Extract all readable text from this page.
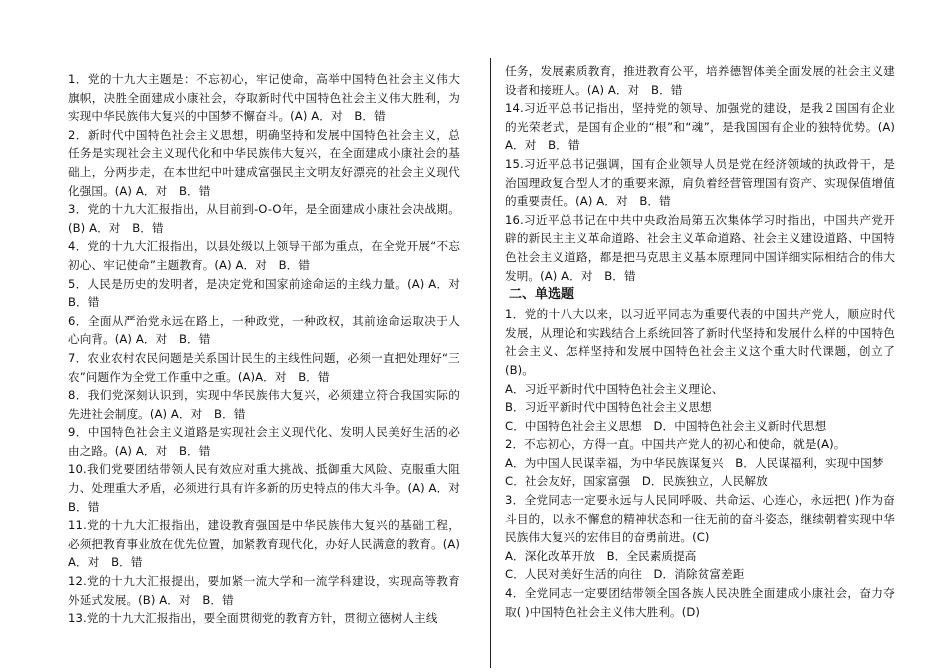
1．党的十九大主题是：不忘初心，牢记使命，高举中国特色社会主义伟大旗帜，决胜全面建成小康社会，夺取新时代中国特色社会主义伟大胜利，为实现中华民族伟大复兴的中国梦不懈奋斗。(A) A．对　B．错

2．新时代中国特色社会主义思想，明确坚持和发展中国特色社会主义，总任务是实现社会主义现代化和中华民族伟大复兴，在全面建成小康社会的基础上，分两步走，在本世纪中叶建成富强民主文明友好漂亮的社会主义现代化强国。(A) A．对　B．错

3．党的十九大汇报指出，从目前到-O-O年，是全面建成小康社会决战期。(B) A．对　B．错

4．党的十九大汇报指出，以县处级以上领导干部为重点，在全党开展“不忘初心、牢记使命”主题教育。(A) A．对　B．错

5．人民是历史的发明者，是决定党和国家前途命运的主线力量。(A) A．对 B．错

6．全面从严治党永远在路上，一种政党，一种政权，其前途命运取决于人心向背。(A) A．对　B．错

7．农业农村农民问题是关系国计民生的主线性问题，必须一直把处理好“三农”问题作为全党工作重中之重。(A)A．对　B．错

8．我们党深刻认识到，实现中华民族伟大复兴，必须建立符合我国实际的先进社会制度。(A) A．对　B．错

9．中国特色社会主义道路是实现社会主义现代化、发明人民美好生活的必由之路。(A) A．对　B．错

10.我们党要团结带领人民有效应对重大挑战、抵御重大风险、克服重大阻力、处理重大矛盾，必须进行具有许多新的历史特点的伟大斗争。(A) A．对　B．错

11.党的十九大汇报指出，建设教育强国是中华民族伟大复兴的基础工程，必须把教育事业放在优先位置，加紧教育现代化，办好人民满意的教育。(A) A．对　B．错

12.党的十九大汇报提出，要加紧一流大学和一流学科建设，实现高等教育外延式发展。(B) A．对　B．错

13.党的十九大汇报指出，要全面贯彻党的教育方针，贯彻立德树人主线

任务，发展素质教育，推进教育公平，培养德智体美全面发展的社会主义建设者和接班人。(A) A．对　B．错

14.习近平总书记指出，坚持党的领导、加强党的建设，是我２国国有企业的光荣老式，是国有企业的“根”和“魂”，是我国国有企业的独特优势。(A) A．对　B．错

15.习近平总书记强调，国有企业领导人员是党在经济领域的执政骨干，是治国理政复合型人才的重要来源，肩负着经营管理国有资产、实现保值增值的重要责任。(A) A．对　B．错

16.习近平总书记在中共中央政治局第五次集体学习时指出，中国共产党开辟的新民主主义革命道路、社会主义革命道路、社会主义建设道路、中国特色社会主义道路，都是把马克思主义基本原理同中国详细实际相结合的伟大发明。(A) A．对　B．错

二、单选题

1．党的十八大以来，以习近平同志为重要代表的中国共产党人，顺应时代发展，从理论和实践结合上系统回答了新时代坚持和发展什么样的中国特色社会主义、怎样坚持和发展中国特色社会主义这个重大时代课题，创立了(B)。

A．习近平新时代中国特色社会主义理论、

B．习近平新时代中国特色社会主义思想

C．中国特色社会主义思想　D．中国特色社会主义新时代思想

2．不忘初心，方得一直。中国共产党人的初心和使命，就是(A)。

A．为中国人民谋幸福，为中华民族谋复兴　B．人民谋福利，实现中国梦

C．社会友好，国家富强　D．民族独立，人民解放

3．全党同志一定要永远与人民同呼吸、共命运、心连心，永远把( )作为奋斗目的，以永不懈怠的精神状态和一往无前的奋斗姿态，继续朝着实现中华民族伟大复兴的宏伟目的奋勇前进。(C)

A．深化改革开放　B．全民素质提高

C．人民对美好生活的向往　D．消除贫富差距

4．全党同志一定要团结带领全国各族人民决胜全面建成小康社会，奋力夺取( )中国特色社会主义伟大胜利。(D)
